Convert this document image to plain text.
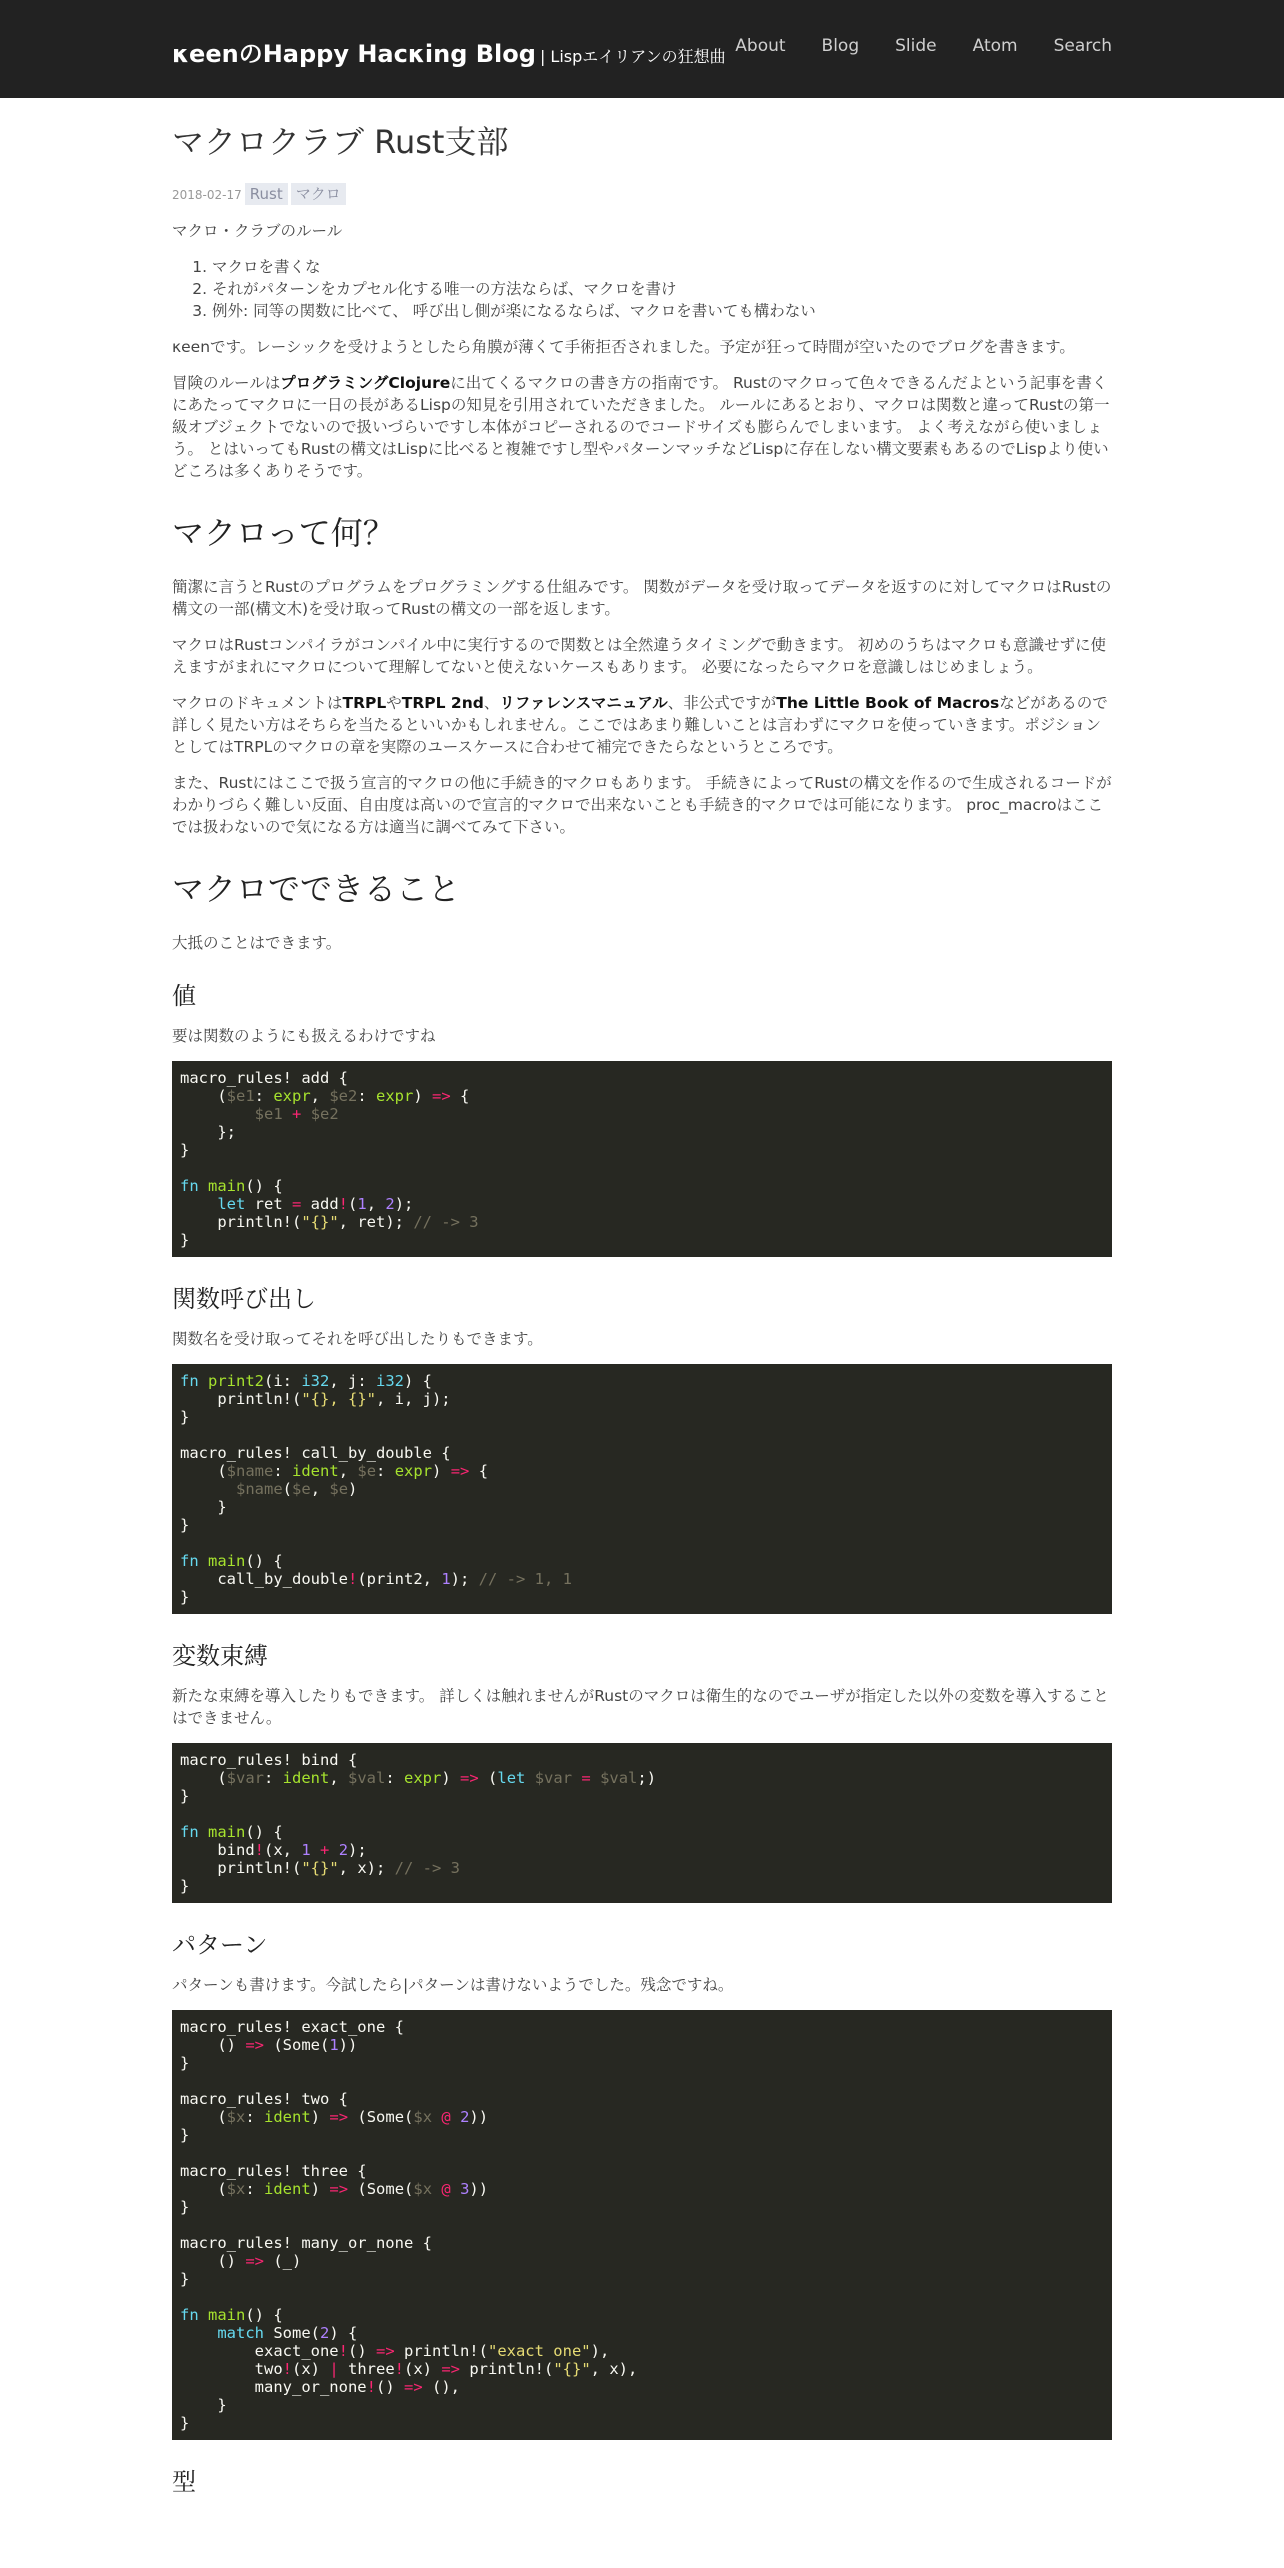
κeenのHappy Hacκing Blog | Lispエイリアンの狂想曲
About Blog Slide Atom Search
マクロクラブ Rust支部
2018-02-17 Rust マクロ

マクロ・クラブのルール

1. マクロを書くな
2. それがパターンをカプセル化する唯一の方法ならば、マクロを書け
3. 例外: 同等の関数に比べて、 呼び出し側が楽になるならば、マクロを書いても構わない

κeenです。レーシックを受けようとしたら角膜が薄くて手術拒否されました。予定が狂って時間が空いたのでブログを書きます。

冒険のルールはプログラミングClojureに出てくるマクロの書き方の指南です。 Rustのマクロって色々できるんだよという記事を書くにあたってマクロに一日の長があるLispの知見を引用されていただきました。 ルールにあるとおり、マクロは関数と違ってRustの第一級オブジェクトでないので扱いづらいですし本体がコピーされるのでコードサイズも膨らんでしまいます。 よく考えながら使いましょう。 とはいってもRustの構文はLispに比べると複雑ですし型やパターンマッチなどLispに存在しない構文要素もあるのでLispより使いどころは多くありそうです。

マクロって何？

簡潔に言うとRustのプログラムをプログラミングする仕組みです。 関数がデータを受け取ってデータを返すのに対してマクロはRustの構文の一部(構文木)を受け取ってRustの構文の一部を返します。

マクロはRustコンパイラがコンパイル中に実行するので関数とは全然違うタイミングで動きます。 初めのうちはマクロも意識せずに使えますがまれにマクロについて理解してないと使えないケースもあります。 必要になったらマクロを意識しはじめましょう。

マクロのドキュメントはTRPLやTRPL 2nd、リファレンスマニュアル、非公式ですがThe Little Book of Macrosなどがあるので詳しく見たい方はそちらを当たるといいかもしれません。ここではあまり難しいことは言わずにマクロを使っていきます。ポジションとしてはTRPLのマクロの章を実際のユースケースに合わせて補完できたらなというところです。

また、Rustにはここで扱う宣言的マクロの他に手続き的マクロもあります。 手続きによってRustの構文を作るので生成されるコードがわかりづらく難しい反面、自由度は高いので宣言的マクロで出来ないことも手続き的マクロでは可能になります。 proc_macroはここでは扱わないので気になる方は適当に調べてみて下さい。

マクロでできること

大抵のことはできます。

値

要は関数のようにも扱えるわけですね

macro_rules! add {
($e1: expr, $e2: expr) => {
$e1 + $e2
};
}

fn main() {
let ret = add!(1, 2);
println!("{}", ret); // -> 3
}
関数呼び出し

関数名を受け取ってそれを呼び出したりもできます。

fn print2(i: i32, j: i32) {
println!("{}, {}", i, j);
}

macro_rules! call_by_double {
($name: ident, $e: expr) => {
$name($e, $e)
}
}

fn main() {
call_by_double!(print2, 1); // -> 1, 1
}
変数束縛

新たな束縛を導入したりもできます。 詳しくは触れませんがRustのマクロは衛生的なのでユーザが指定した以外の変数を導入することはできません。

macro_rules! bind {
($var: ident, $val: expr) => (let $var = $val;)
}

fn main() {
bind!(x, 1 + 2);
println!("{}", x); // -> 3
}
パターン

パターンも書けます。今試したら|パターンは書けないようでした。残念ですね。

macro_rules! exact_one {
() => (Some(1))
}

macro_rules! two {
($x: ident) => (Some($x @ 2))
}

macro_rules! three {
($x: ident) => (Some($x @ 3))
}

macro_rules! many_or_none {
() => (_)
}

fn main() {
match Some(2) {
exact_one!() => println!("exact one"),
two!(x) | three!(x) => println!("{}", x),
many_or_none!() => (),
}
}
型
